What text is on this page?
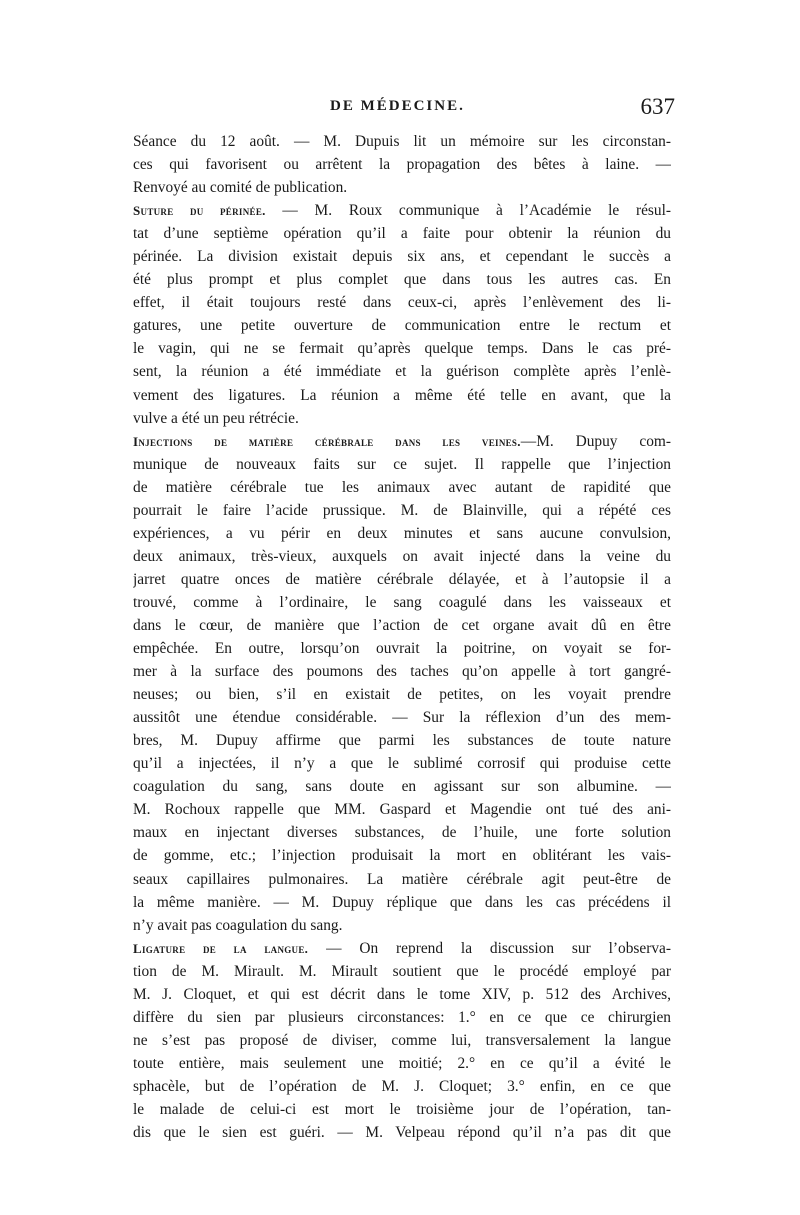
DE MÉDECINE.	637
Séance du 12 août. — M. Dupuis lit un mémoire sur les circonstan-
ces qui favorisent ou arrêtent la propagation des bêtes à laine. —
Renvoyé au comité de publication.
Suture du périnée. — M. Roux communique à l’Académie le résul-
tat d’une septième opération qu’il a faite pour obtenir la réunion du
périnée. La division existait depuis six ans, et cependant le succès a
été plus prompt et plus complet que dans tous les autres cas. En
effet, il était toujours resté dans ceux-ci, après l’enlèvement des li-
gatures, une petite ouverture de communication entre le rectum et
le vagin, qui ne se fermait qu’après quelque temps. Dans le cas pré-
sent, la réunion a été immédiate et la guérison complète après l’enlè-
vement des ligatures. La réunion a même été telle en avant, que la
vulve a été un peu rétrécie.
Injections de matière cérébrale dans les veines.—M. Dupuy com-
munique de nouveaux faits sur ce sujet. Il rappelle que l’injection
de matière cérébrale tue les animaux avec autant de rapidité que
pourrait le faire l’acide prussique. M. de Blainville, qui a répété ces
expériences, a vu périr en deux minutes et sans aucune convulsion,
deux animaux, très-vieux, auxquels on avait injecté dans la veine du
jarret quatre onces de matière cérébrale délayée, et à l’autopsie il a
trouvé, comme à l’ordinaire, le sang coagulé dans les vaisseaux et
dans le cœur, de manière que l’action de cet organe avait dû en être
empêchée. En outre, lorsqu’on ouvrait la poitrine, on voyait se for-
mer à la surface des poumons des taches qu’on appelle à tort gangré-
neuses; ou bien, s’il en existait de petites, on les voyait prendre
aussitôt une étendue considérable. — Sur la réflexion d’un des mem-
bres, M. Dupuy affirme que parmi les substances de toute nature
qu’il a injectées, il n’y a que le sublimé corrosif qui produise cette
coagulation du sang, sans doute en agissant sur son albumine. —
M. Rochoux rappelle que MM. Gaspard et Magendie ont tué des ani-
maux en injectant diverses substances, de l’huile, une forte solution
de gomme, etc.; l’injection produisait la mort en oblitérant les vais-
seaux capillaires pulmonaires. La matière cérébrale agit peut-être de
la même manière. — M. Dupuy réplique que dans les cas précédens il
n’y avait pas coagulation du sang.
Ligature de la langue. — On reprend la discussion sur l’observa-
tion de M. Mirault. M. Mirault soutient que le procédé employé par
M. J. Cloquet, et qui est décrit dans le tome XIV, p. 512 des Archives,
diffère du sien par plusieurs circonstances: 1.° en ce que ce chirurgien
ne s’est pas proposé de diviser, comme lui, transversalement la langue
toute entière, mais seulement une moitié; 2.° en ce qu’il a évité le
sphacèle, but de l’opération de M. J. Cloquet; 3.° enfin, en ce que
le malade de celui-ci est mort le troisième jour de l’opération, tan-
dis que le sien est guéri. — M. Velpeau répond qu’il n’a pas dit que
